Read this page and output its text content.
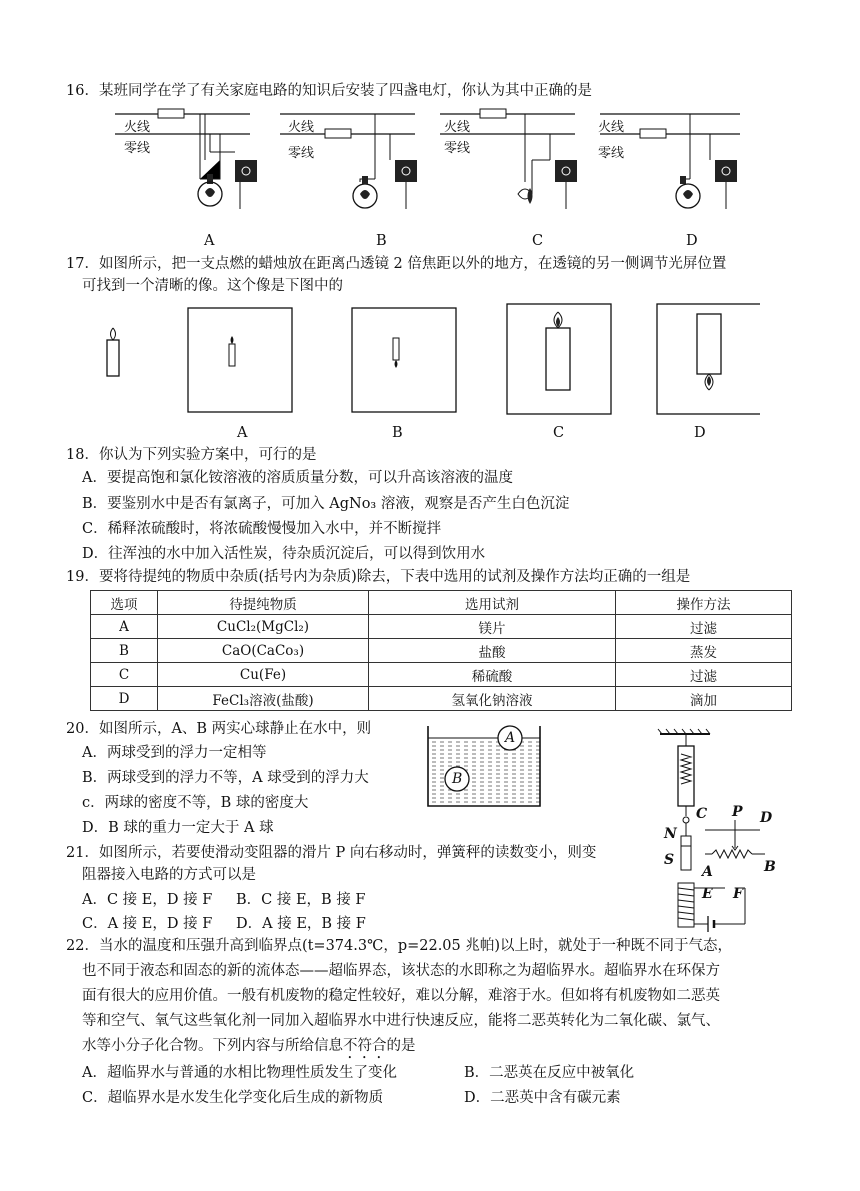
16．某班同学在学了有关家庭电路的知识后安装了四盏电灯，你认为其中正确的是
火线
零线
火线
零线
火线
零线
火线
零线
A	B	C	D
17．如图所示，把一支点燃的蜡烛放在距离凸透镜 2 倍焦距以外的地方，在透镜的另一侧调节光屏位置
可找到一个清晰的像。这个像是下图中的
A	B	C	D
18．你认为下列实验方案中，可行的是
A．要提高饱和氯化铵溶液的溶质质量分数，可以升高该溶液的温度
B．要鉴别水中是否有氯离子，可加入 AgNo₃ 溶液，观察是否产生白色沉淀
C．稀释浓硫酸时，将浓硫酸慢慢加入水中，并不断搅拌
D．往浑浊的水中加入活性炭，待杂质沉淀后，可以得到饮用水
19．要将待提纯的物质中杂质(括号内为杂质)除去，下表中选用的试剂及操作方法均正确的一组是
选项	待提纯物质	选用试剂	操作方法
A	CuCl₂(MgCl₂)	镁片	过滤
B	CaO(CaCo₃)	盐酸	蒸发
C	Cu(Fe)	稀硫酸	过滤
D	FeCl₃溶液(盐酸)	氢氧化钠溶液	滴加
20．如图所示，A、B 两实心球静止在水中，则
A．两球受到的浮力一定相等
B．两球受到的浮力不等，A 球受到的浮力大
c．两球的密度不等，B 球的密度大
D．B 球的重力一定大于 A 球
A
B
21．如图所示，若要使滑动变阻器的滑片 P 向右移动时，弹簧秤的读数变小，则变
阻器接入电路的方式可以是
A．C 接 E，D 接 F B．C 接 E，B 接 F
C．A 接 E，D 接 F D．A 接 E，B 接 F
C P D
N
S
A	B
E F
22．当水的温度和压强升高到临界点(t=374.3℃，p=22.05 兆帕)以上时，就处于一种既不同于气态，
也不同于液态和固态的新的流体态——超临界态，该状态的水即称之为超临界水。超临界水在环保方
面有很大的应用价值。一般有机废物的稳定性较好，难以分解，难溶于水。但如将有机废物如二恶英
等和空气、氧气这些氧化剂一同加入超临界水中进行快速反应，能将二恶英转化为二氧化碳、氯气、
水等小分子化合物。下列内容与所给信息不符合的是
A．超临界水与普通的水相比物理性质发生了变化	B．二恶英在反应中被氧化
C．超临界水是水发生化学变化后生成的新物质	D．二恶英中含有碳元素
